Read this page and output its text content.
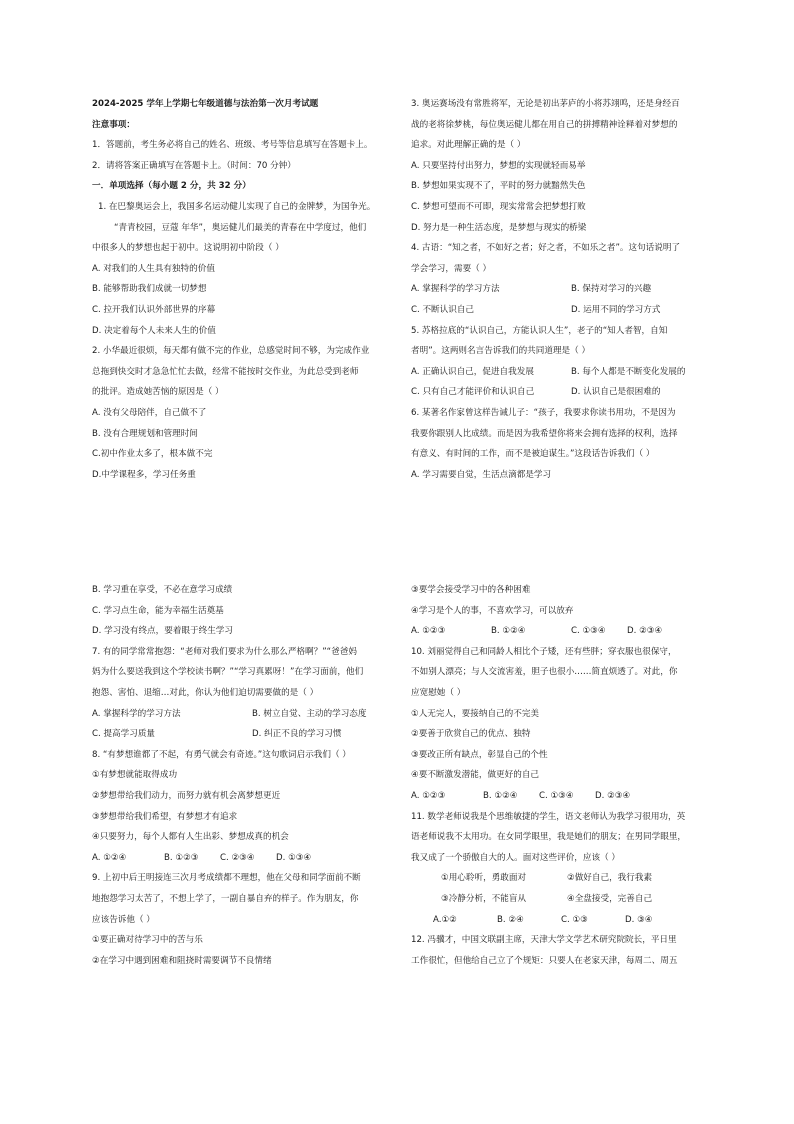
2024-2025 学年上学期七年级道德与法治第一次月考试题
注意事项：
1．答题前，考生务必将自己的姓名、班级、考号等信息填写在答题卡上。
2．请将答案正确填写在答题卡上。（时间：70 分钟）
一．单项选择（每小题 2 分，共 32 分）
1. 在巴黎奥运会上，我国多名运动健儿实现了自己的金牌梦，为国争光。
“青青校园，豆蔻 年华”，奥运健儿们最美的青春在中学度过，他们
中很多人的梦想也起于初中。这说明初中阶段（ ）
A. 对我们的人生具有独特的价值
B. 能够帮助我们成就一切梦想
C. 拉开我们认识外部世界的序幕
D. 决定着每个人未来人生的价值
2. 小华最近很烦，每天都有做不完的作业，总感觉时间不够，为完成作业
总拖到快交时才急急忙忙去做，经常不能按时交作业，为此总受到老师
的批评。造成她苦恼的原因是（ ）
A. 没有父母陪伴，自己做不了
B. 没有合理规划和管理时间
C.初中作业太多了，根本做不完
D.中学课程多，学习任务重
3. 奥运赛场没有常胜将军，无论是初出茅庐的小将苏翊鸣，还是身经百
战的老将徐梦桃，每位奥运健儿都在用自己的拼搏精神诠释着对梦想的
追求。对此理解正确的是（ ）
A. 只要坚持付出努力，梦想的实现就轻而易举
B. 梦想如果实现不了，平时的努力就黯然失色
C. 梦想可望而不可即，现实常常会把梦想打败
D. 努力是一种生活态度，是梦想与现实的桥梁
4. 古语：“知之者，不如好之者；好之者，不如乐之者”。这句话说明了
学会学习，需要（ ）
A. 掌握科学的学习方法	B. 保持对学习的兴趣
C. 不断认识自己	D. 运用不同的学习方式
5. 苏格拉底的“认识自己，方能认识人生”，老子的“知人者智，自知
者明”。这两则名言告诉我们的共同道理是（ ）
A. 正确认识自己，促进自我发展	B. 每个人都是不断变化发展的
C. 只有自己才能评价和认识自己	D. 认识自己是很困难的
6. 某著名作家曾这样告诫儿子：“孩子，我要求你读书用功，不是因为
我要你跟别人比成绩。而是因为我希望你将来会拥有选择的权利，选择
有意义、有时间的工作，而不是被迫谋生。”这段话告诉我们（ ）
A. 学习需要自觉，生活点滴都是学习
B. 学习重在享受，不必在意学习成绩
C. 学习点生命，能为幸福生活奠基
D. 学习没有终点，要着眼于终生学习
7. 有的同学常常抱怨：“老师对我们要求为什么那么严格啊？”“爸爸妈
妈为什么要送我到这个学校读书啊？”“学习真累呀！”在学习面前，他们
抱怨、害怕、退缩…对此，你认为他们迫切需要做的是（ ）
A. 掌握科学的学习方法	B. 树立自觉、主动的学习态度
C. 提高学习质量	D. 纠正不良的学习习惯
8. “有梦想谁都了不起，有勇气就会有奇迹。”这句歌词启示我们（ ）
①有梦想就能取得成功
②梦想带给我们动力，而努力就有机会离梦想更近
③梦想带给我们希望，有梦想才有追求
④只要努力，每个人都有人生出彩、梦想成真的机会
A. ①②④	B. ①②③	C. ②③④	D. ①③④
9. 上初中后王明接连三次月考成绩都不理想，他在父母和同学面前不断
地抱怨学习太苦了，不想上学了，一副自暴自弃的样子。作为朋友，你
应该告诉他（ ）
①要正确对待学习中的苦与乐
②在学习中遇到困难和阻挠时需要调节不良情绪
③要学会接受学习中的各种困难
④学习是个人的事，不喜欢学习，可以放弃
A. ①②③	B. ①②④	C. ①③④	D. ②③④
10. 刘丽觉得自己和同龄人相比个子矮，还有些胖；穿衣服也很保守，
不如别人漂亮；与人交流害羞，胆子也很小……简直烦透了。对此，你
应宽慰她（ ）
①人无完人，要接纳自己的不完美
②要善于欣赏自己的优点、独特
③要改正所有缺点，彰显自己的个性
④要不断激发潜能，做更好的自己
A. ①②③	B. ①②④	C. ①③④	D. ②③④
11. 数学老师说我是个思维敏捷的学生，语文老师认为我学习很用功，英
语老师说我不太用功。在女同学眼里，我是她们的朋友；在男同学眼里，
我又成了一个骄傲自大的人。面对这些评价，应该（ ）
①用心聆听，勇敢面对	②做好自己，我行我素
③冷静分析，不能盲从	④全盘接受，完善自己
A.①②	B. ②④	C. ①③	D. ③④
12. 冯骥才，中国文联副主席，天津大学文学艺术研究院院长，平日里
工作很忙，但他给自己立了个规矩：只要人在老家天津，每周二、周五
